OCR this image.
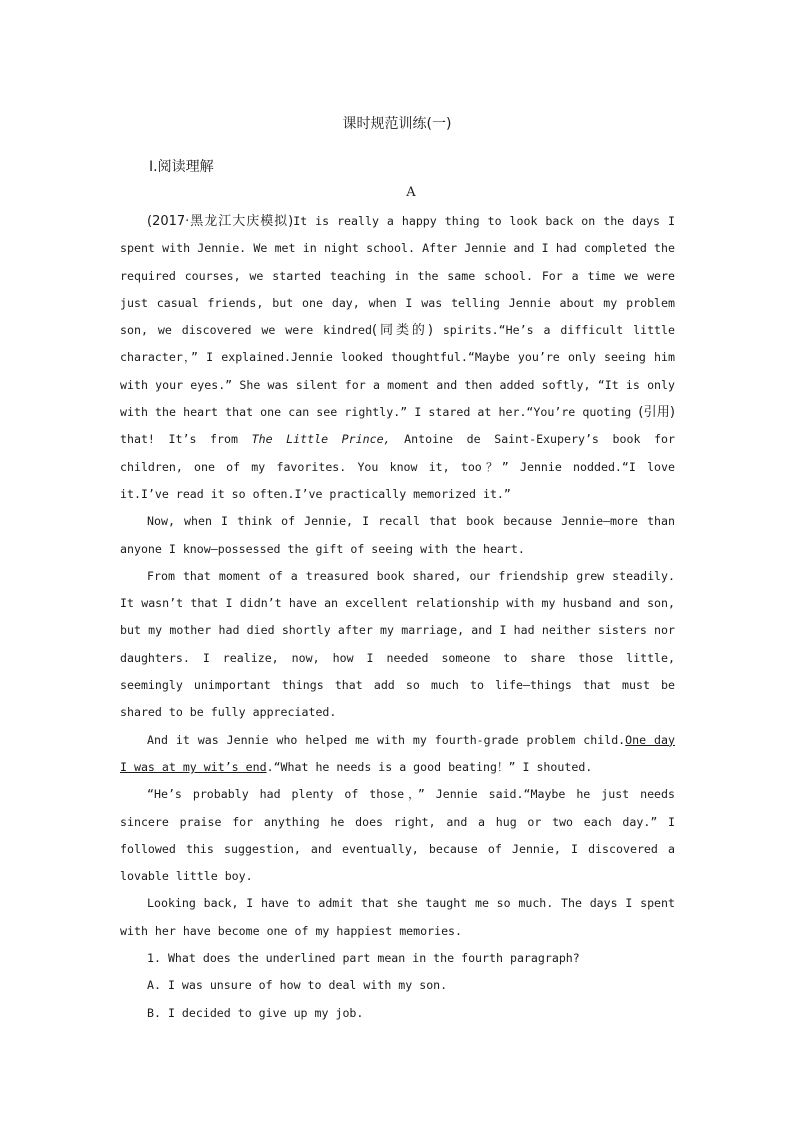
课时规范训练(一)
Ⅰ.阅读理解
A

(2017·黑龙江大庆模拟)It is really a happy thing to look back on the days I spent with Jennie. We met in night school. After Jennie and I had completed the required courses, we started teaching in the same school. For a time we were just casual friends, but one day, when I was telling Jennie about my problem son, we discovered we were kindred(同类的) spirits.“He’s a difficult little character，” I explained.Jennie looked thoughtful.“Maybe you’re only seeing him with your eyes.” She was silent for a moment and then added softly, “It is only with the heart that one can see rightly.” I stared at her.“You’re quoting (引用) that! It’s from The Little Prince, Antoine de Saint-Exupery’s book for children, one of my favorites. You know it, too？” Jennie nodded.“I love it.I’ve read it so often.I’ve practically memorized it.”

Now, when I think of Jennie, I recall that book because Jennie—more than anyone I know—possessed the gift of seeing with the heart.

From that moment of a treasured book shared, our friendship grew steadily. It wasn’t that I didn’t have an excellent relationship with my husband and son, but my mother had died shortly after my marriage, and I had neither sisters nor daughters. I realize, now, how I needed someone to share those little, seemingly unimportant things that add so much to life—things that must be shared to be fully appreciated.

And it was Jennie who helped me with my fourth-grade problem child.One day I was at my wit’s end.“What he needs is a good beating！” I shouted.

“He’s probably had plenty of those，” Jennie said.“Maybe he just needs sincere praise for anything he does right, and a hug or two each day.” I followed this suggestion, and eventually, because of Jennie, I discovered a lovable little boy.

Looking back, I have to admit that she taught me so much. The days I spent with her have become one of my happiest memories.

1. What does the underlined part mean in the fourth paragraph?

A. I was unsure of how to deal with my son.

B. I decided to give up my job.
